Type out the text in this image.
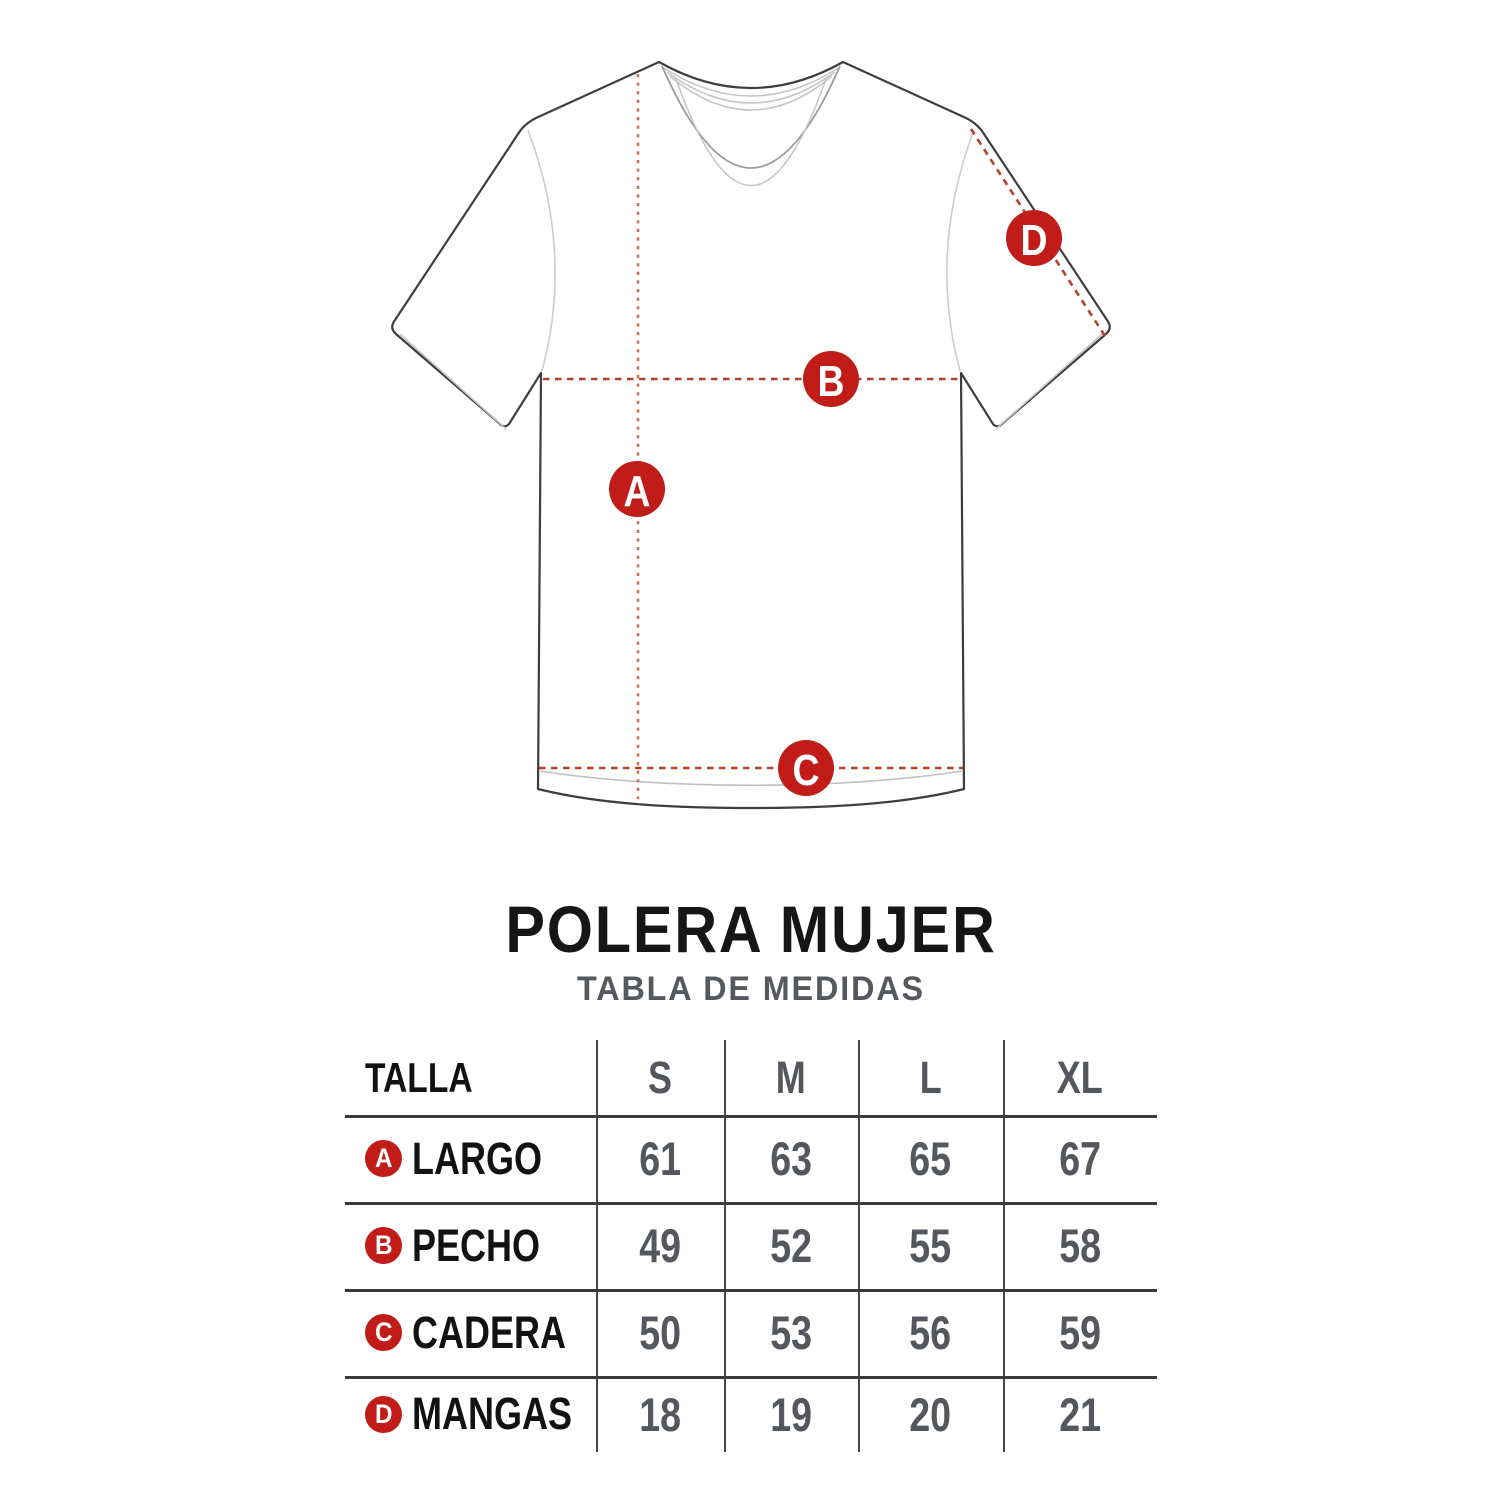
A
B
C
D
POLERA MUJER
TABLA DE MEDIDAS
TALLA	S M	L	XL
A LARGO 61 63 65 67
B PECHO 49 52 55 58
C CADERA 50 53 56 59
D MANGAS 18 19 20 21
